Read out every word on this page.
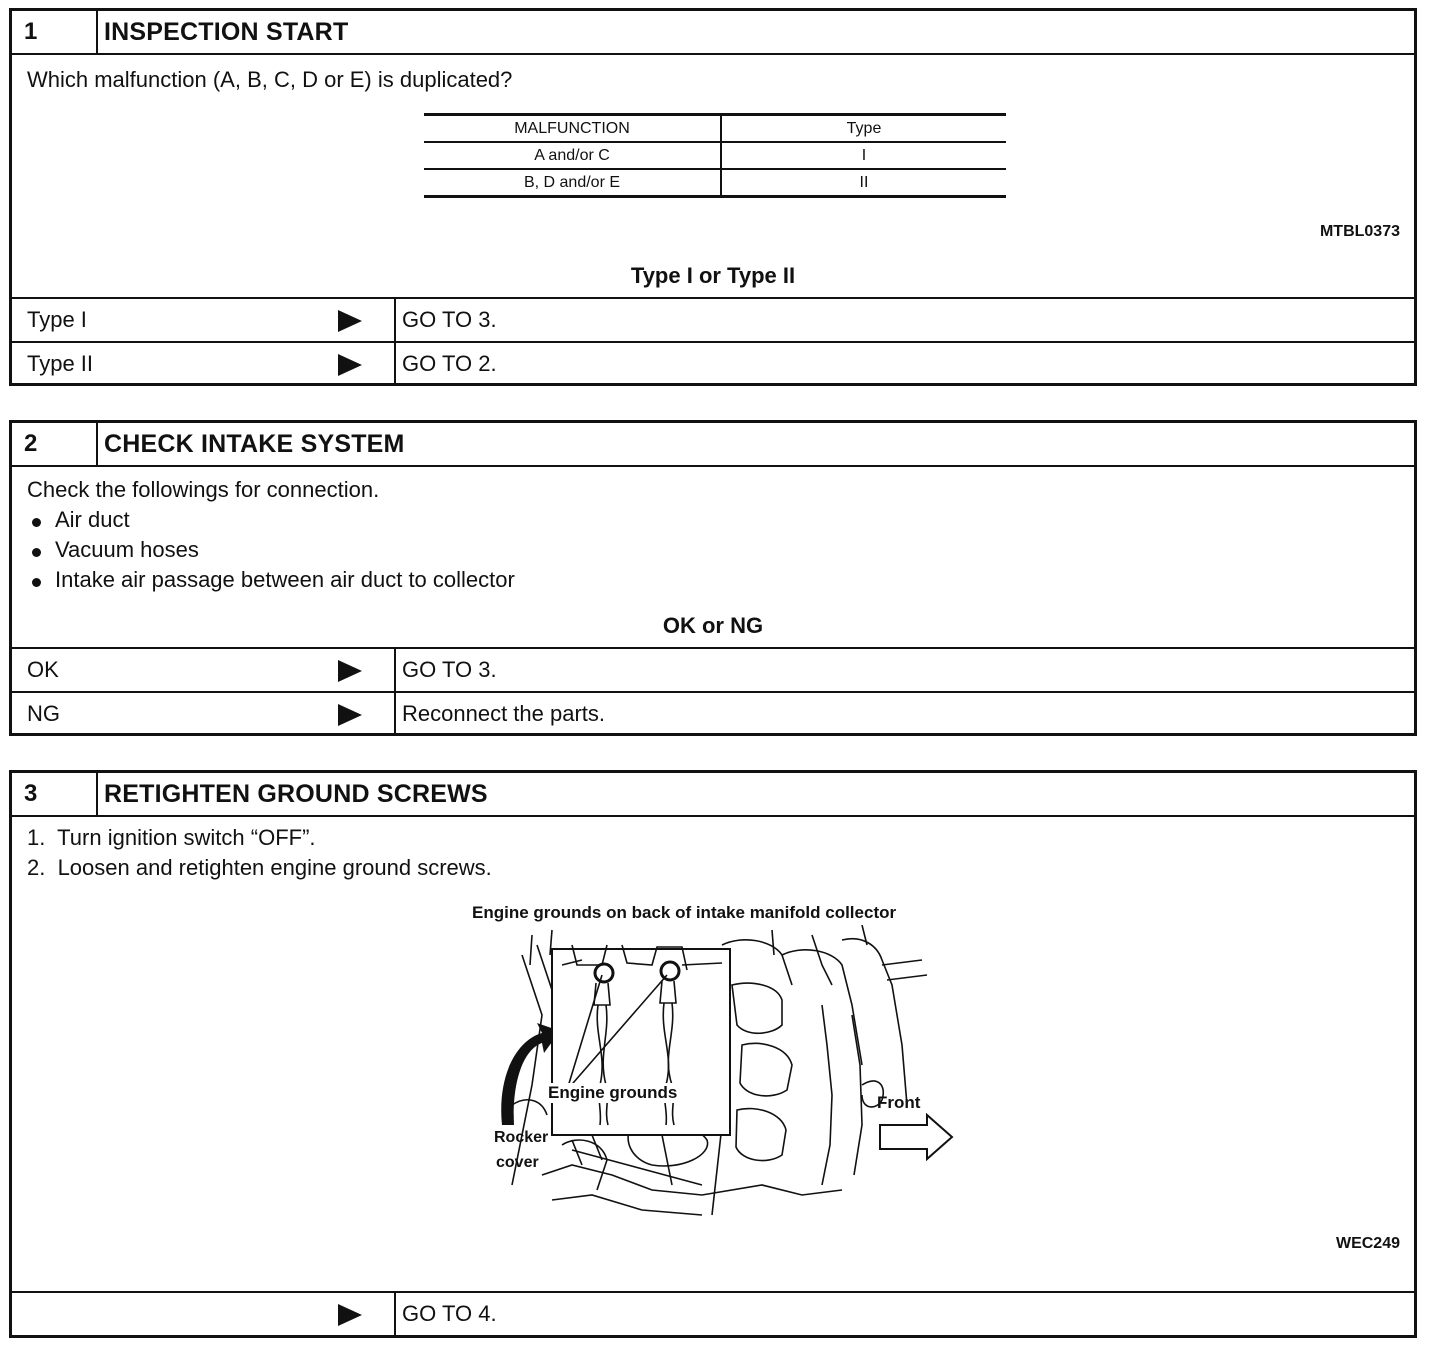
1	INSPECTION START
Which malfunction (A, B, C, D or E) is duplicated?
MALFUNCTION	Type
A and/or C	I
B, D and/or E	II
MTBL0373
Type I or Type II
Type I	GO TO 3.
Type II	GO TO 2.
2	CHECK INTAKE SYSTEM
Check the followings for connection.
Air duct
Vacuum hoses
Intake air passage between air duct to collector
OK or NG
OK	GO TO 3.
NG	Reconnect the parts.
3	RETIGHTEN GROUND SCREWS
1.  Turn ignition switch “OFF”.
2.  Loosen and retighten engine ground screws.
Engine grounds on back of intake manifold collector
Engine grounds
Rocker
cover
Front
WEC249
GO TO 4.
